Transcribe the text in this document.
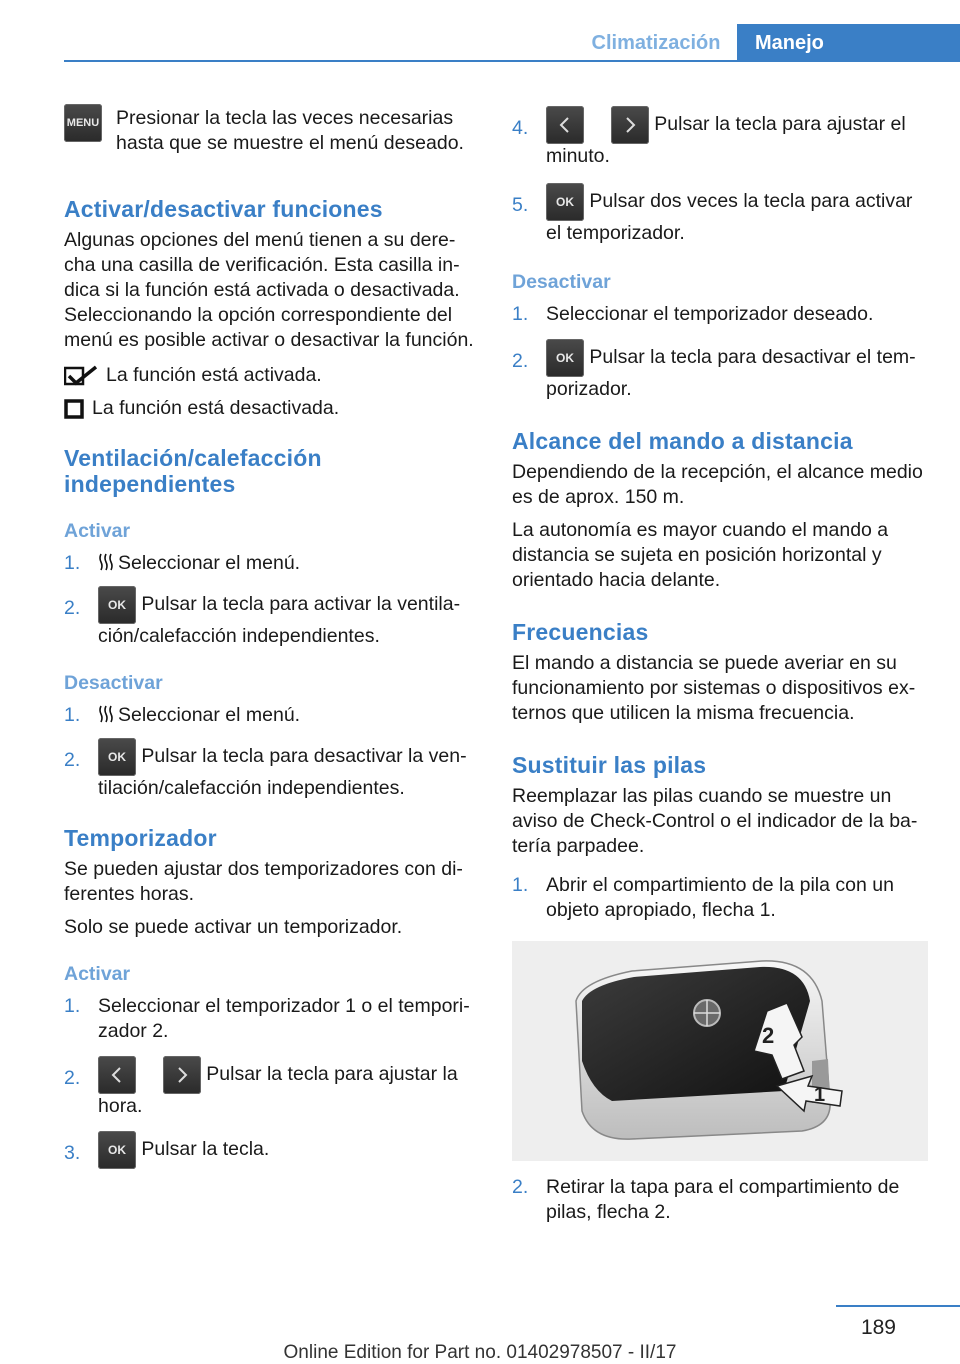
Climatización	Manejo
MENU Presionar la tecla las veces necesarias hasta que se muestre el menú deseado.

Activar/desactivar funciones

Algunas opciones del menú tienen a su derecha una casilla de verificación. Esta casilla indica si la función está activada o desactivada. Seleccionando la opción correspondiente del menú es posible activar o desactivar la función.

La función está activada.
La función está desactivada.
Ventilación/calefacción
independientes
Activar
1. Seleccionar el menú.
2. OK Pulsar la tecla para activar la ventilación/calefacción independientes.
Desactivar
1. Seleccionar el menú.
2. OK Pulsar la tecla para desactivar la ventilación/calefacción independientes.
Temporizador

Se pueden ajustar dos temporizadores con diferentes horas.

Solo se puede activar un temporizador.

Activar
1. Seleccionar el temporizador 1 o el temporizador 2.
2.
	Pulsar la tecla para ajustar la hora.
3. OK Pulsar la tecla.
4.
	Pulsar la tecla para ajustar el minuto.
5. OK Pulsar dos veces la tecla para activar el temporizador.
Desactivar
1. Seleccionar el temporizador deseado.
2. OK Pulsar la tecla para desactivar el temporizador.
Alcance del mando a distancia

Dependiendo de la recepción, el alcance medio es de aprox. 150 m.

La autonomía es mayor cuando el mando a distancia se sujeta en posición horizontal y orientado hacia delante.

Frecuencias

El mando a distancia se puede averiar en su funcionamiento por sistemas o dispositivos externos que utilicen la misma frecuencia.

Sustituir las pilas

Reemplazar las pilas cuando se muestre un aviso de Check-Control o el indicador de la batería parpadee.

1. Abrir el compartimiento de la pila con un objeto apropiado, flecha 1.
2
1
2. Retirar la tapa para el compartimiento de pilas, flecha 2.
189
Online Edition for Part no. 01402978507 - II/17
